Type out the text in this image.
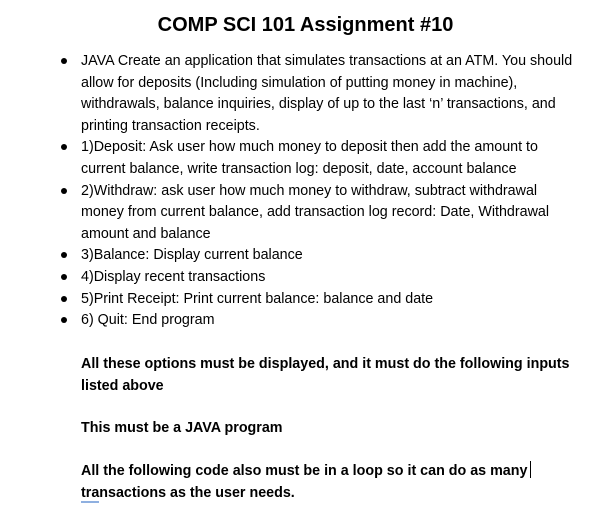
COMP SCI 101 Assignment #10
JAVA Create an application that simulates transactions at an ATM. You should allow for deposits (Including simulation of putting money in machine), withdrawals, balance inquiries, display of up to the last ‘n’ transactions, and printing transaction receipts.
1)Deposit: Ask user how much money to deposit then add the amount to current balance, write transaction log: deposit, date, account balance
2)Withdraw: ask user how much money to withdraw, subtract withdrawal money from current balance, add transaction log record: Date, Withdrawal amount and balance
3)Balance: Display current balance
4)Display recent transactions
5)Print Receipt: Print current balance: balance and date
6) Quit: End program
All these options must be displayed, and it must do the following inputs listed above
This must be a JAVA program
All the following code also must be in a loop so it can do as many
transactions as the user needs.
